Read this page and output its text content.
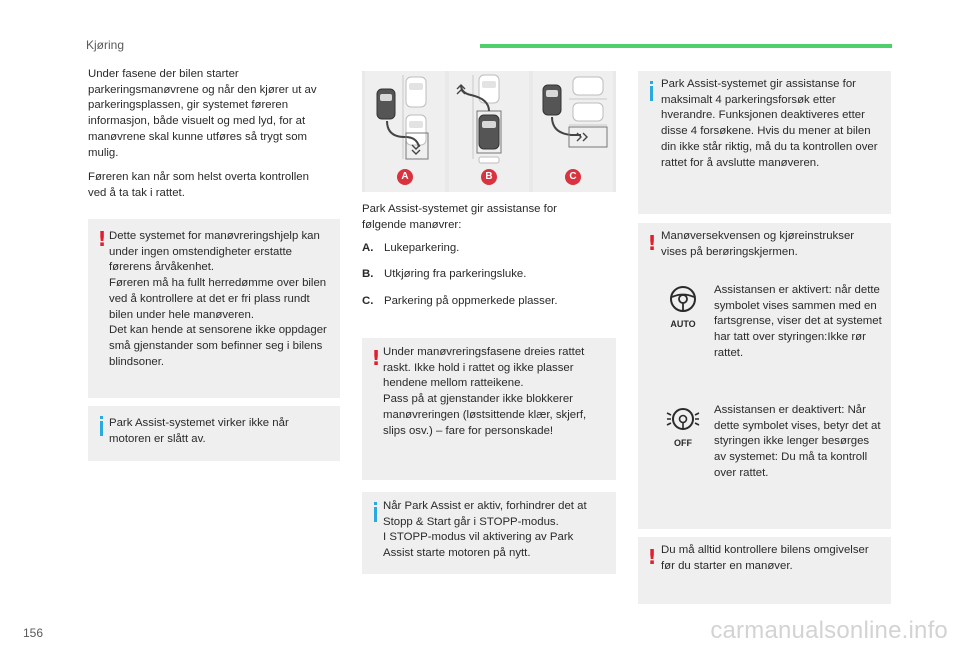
Kjøring

Under fasene der bilen starter parkeringsmanøvrene og når den kjører ut av parkeringsplassen, gir systemet føreren informasjon, både visuelt og med lyd, for at manøvrene skal kunne utføres så trygt som mulig.

Føreren kan når som helst overta kontrollen ved å ta tak i rattet.

! Dette systemet for manøvreringshjelp kan under ingen omstendigheter erstatte førerens årvåkenhet.
Føreren må ha fullt herredømme over bilen ved å kontrollere at det er fri plass rundt bilen under hele manøveren.
Det kan hende at sensorene ikke oppdager små gjenstander som befinner seg i bilens blindsoner.

Park Assist-systemet virker ikke når motoren er slått av.

A	B	C

Park Assist-systemet gir assistanse for følgende manøvrer:

A. Lukeparkering.
B. Utkjøring fra parkeringsluke.
C. Parkering på oppmerkede plasser.
! Under manøvreringsfasene dreies rattet raskt. Ikke hold i rattet og ikke plasser hendene mellom ratteikene.
Pass på at gjenstander ikke blokkerer manøvreringen (løstsittende klær, skjerf, slips osv.) – fare for personskade!

Når Park Assist er aktiv, forhindrer det at Stopp & Start går i STOPP-modus.
I STOPP-modus vil aktivering av Park Assist starte motoren på nytt.

Park Assist-systemet gir assistanse for maksimalt 4 parkeringsforsøk etter hverandre. Funksjonen deaktiveres etter disse 4 forsøkene. Hvis du mener at bilen din ikke står riktig, må du ta kontrollen over rattet for å avslutte manøveren.

! Manøversekvensen og kjøreinstrukser vises på berøringskjermen.

AUTO

Assistansen er aktivert: når dette symbolet vises sammen med en fartsgrense, viser det at systemet har tatt over styringen:Ikke rør rattet.

OFF

Assistansen er deaktivert: Når dette symbolet vises, betyr det at styringen ikke lenger besørges av systemet: Du må ta kontroll over rattet.

! Du må alltid kontrollere bilens omgivelser før du starter en manøver.

156	carmanualsonline.info
